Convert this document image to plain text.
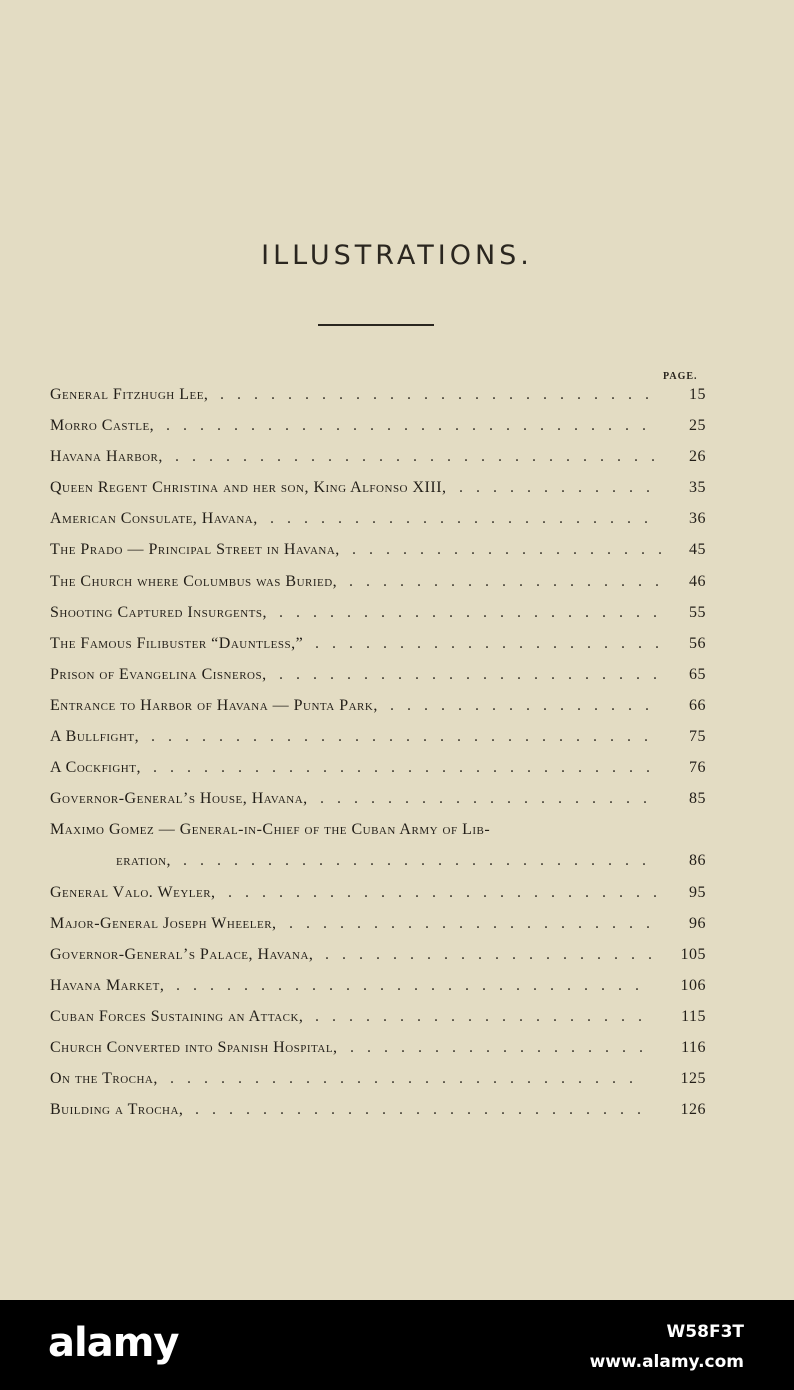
ILLUSTRATIONS.
PAGE.
General Fitzhugh Lee, ..........................	15
Morro Castle, .............................	25
Havana Harbor, .............................	26
Queen Regent Christina and her son, King Alfonso XIII, ............	35
American Consulate, Havana, .......................	36
The Prado — Principal Street in Havana, ................... 45
The Church where Columbus was Buried, ...................	46
Shooting Captured Insurgents, .......................	55
The Famous Filibuster “Dauntless,” .....................	56
Prison of Evangelina Cisneros, .......................	65
Entrance to Harbor of Havana — Punta Park, ................	66
A Bullfight, ..............................	75
A Cockfight, ..............................	76
Governor-General’s House, Havana, ....................	85
Maximo Gomez — General-in-Chief of the Cuban Army of Lib-
eration, ............................	86
General Valo. Weyler, ..........................	95
Major-General Joseph Wheeler, ......................	96
Governor-General’s Palace, Havana, .................... 105
Havana Market, ............................	106
Cuban Forces Sustaining an Attack, ....................	115
Church Converted into Spanish Hospital, ..................	116
On the Trocha, ............................	125
Building a Trocha, ...........................	126
alamy	W58F3T
www.alamy.com
